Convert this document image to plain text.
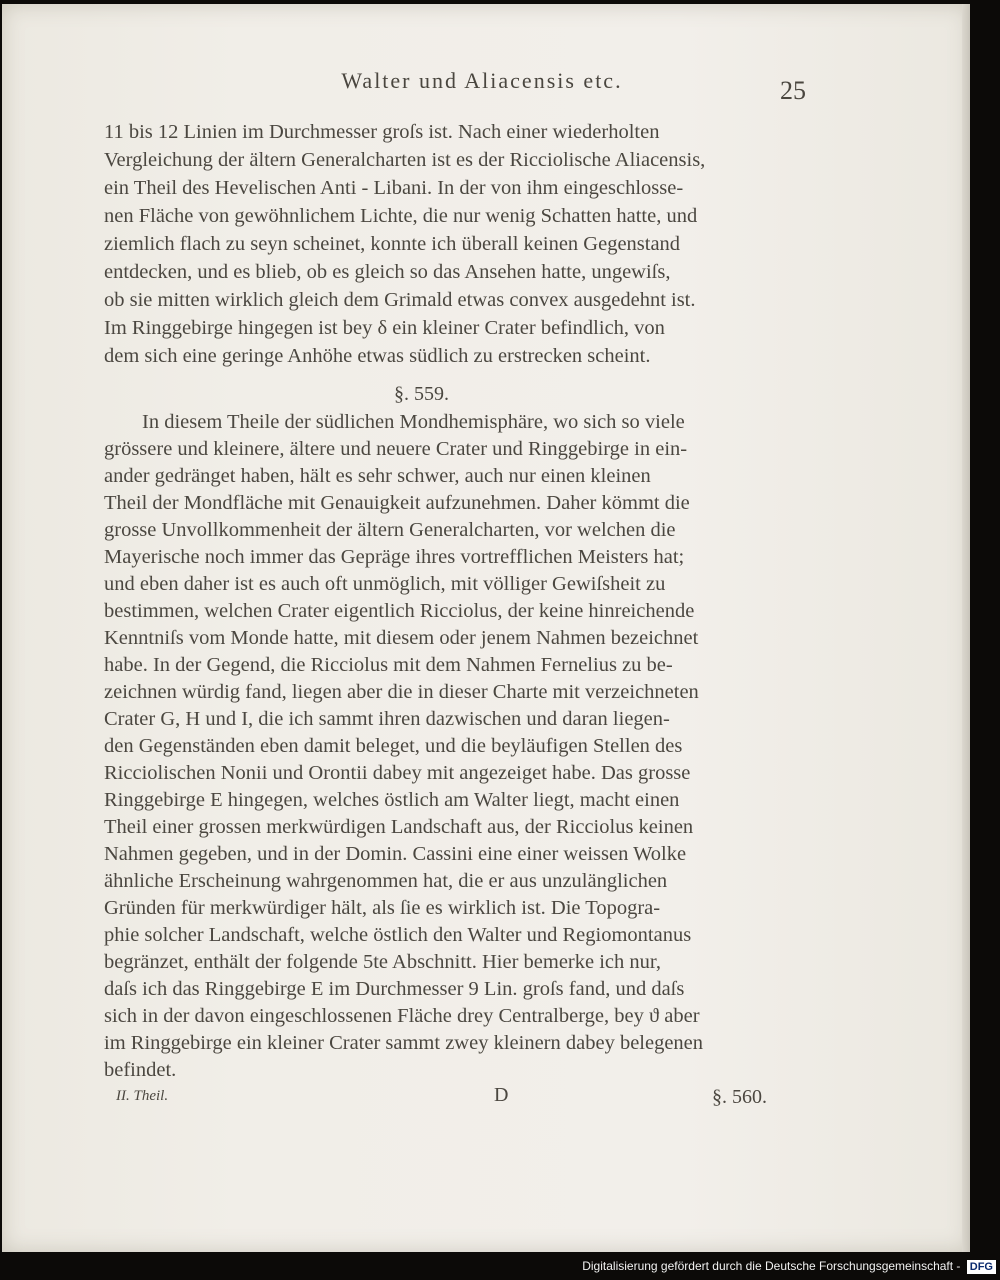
Walter und Aliacensis etc.	25
11 bis 12 Linien im Durchmesser groſs ist. Nach einer wiederholten
Vergleichung der ältern Generalcharten ist es der Ricciolische Aliacensis,
ein Theil des Hevelischen Anti - Libani. In der von ihm eingeschlosse-
nen Fläche von gewöhnlichem Lichte, die nur wenig Schatten hatte, und
ziemlich flach zu seyn scheinet, konnte ich überall keinen Gegenstand
entdecken, und es blieb, ob es gleich so das Ansehen hatte, ungewiſs,
ob sie mitten wirklich gleich dem Grimald etwas convex ausgedehnt ist.
Im Ringgebirge hingegen ist bey δ ein kleiner Crater befindlich, von
dem sich eine geringe Anhöhe etwas südlich zu erstrecken scheint.
§. 559.
In diesem Theile der südlichen Mondhemisphäre, wo sich so viele
grössere und kleinere, ältere und neuere Crater und Ringgebirge in ein-
ander gedränget haben, hält es sehr schwer, auch nur einen kleinen
Theil der Mondfläche mit Genauigkeit aufzunehmen. Daher kömmt die
grosse Unvollkommenheit der ältern Generalcharten, vor welchen die
Mayerische noch immer das Gepräge ihres vortrefflichen Meisters hat;
und eben daher ist es auch oft unmöglich, mit völliger Gewiſsheit zu
bestimmen, welchen Crater eigentlich Ricciolus, der keine hinreichende
Kenntniſs vom Monde hatte, mit diesem oder jenem Nahmen bezeichnet
habe. In der Gegend, die Ricciolus mit dem Nahmen Fernelius zu be-
zeichnen würdig fand, liegen aber die in dieser Charte mit verzeichneten
Crater G, H und I, die ich sammt ihren dazwischen und daran liegen-
den Gegenständen eben damit beleget, und die beyläufigen Stellen des
Ricciolischen Nonii und Orontii dabey mit angezeiget habe. Das grosse
Ringgebirge E hingegen, welches östlich am Walter liegt, macht einen
Theil einer grossen merkwürdigen Landschaft aus, der Ricciolus keinen
Nahmen gegeben, und in der Domin. Cassini eine einer weissen Wolke
ähnliche Erscheinung wahrgenommen hat, die er aus unzulänglichen
Gründen für merkwürdiger hält, als ſie es wirklich ist. Die Topogra-
phie solcher Landschaft, welche östlich den Walter und Regiomontanus
begränzet, enthält der folgende 5te Abschnitt. Hier bemerke ich nur,
daſs ich das Ringgebirge E im Durchmesser 9 Lin. groſs fand, und daſs
sich in der davon eingeschlossenen Fläche drey Centralberge, bey ϑ aber
im Ringgebirge ein kleiner Crater sammt zwey kleinern dabey belegenen
befindet.
II. Theil.	D	§. 560.
Digitalisierung gefördert durch die Deutsche Forschungsgemeinschaft - DFG
